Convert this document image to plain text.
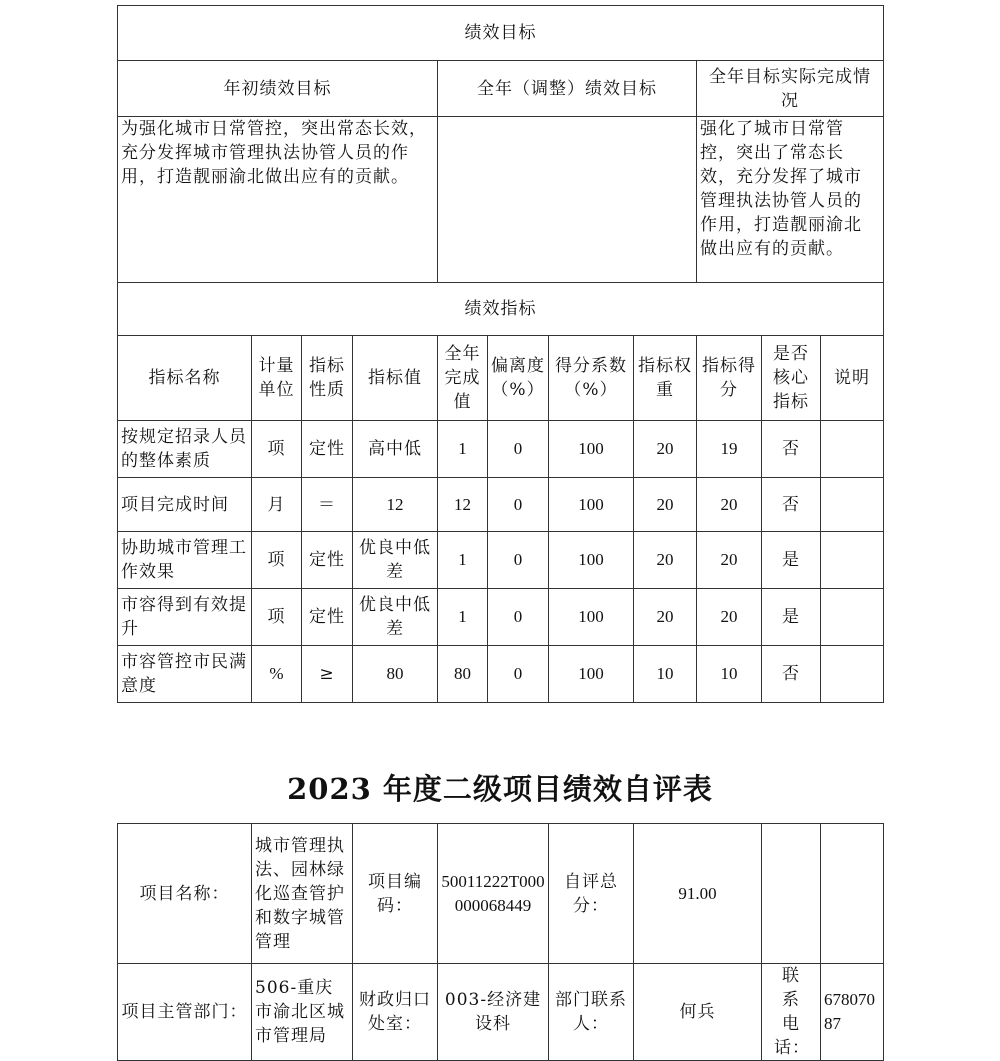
绩效目标										
年初绩效目标				全年（调整）绩效目标				全年目标实际完成情况		
为强化城市日常管控，突出常态长效，充分发挥城市管理执法协管人员的作用，打造靓丽渝北做出应有的贡献。								强化了城市日常管控，突出了常态长效，充分发挥了城市管理执法协管人员的作用，打造靓丽渝北做出应有的贡献。		
绩效指标										
指标名称	计量单位	指标性质	指标值	全年完成值	偏离度（%）	得分系数（%）	指标权重	指标得分	是否核心指标	说明
按规定招录人员的整体素质	项	定性	高中低	1	0	100	20	19	否	
项目完成时间	月	＝	12	12	0	100	20	20	否	
协助城市管理工作效果	项	定性	优良中低差	1	0	100	20	20	是	
市容得到有效提升	项	定性	优良中低差	1	0	100	20	20	是	
市容管控市民满意度	%	≥	80	80	0	100	10	10	否	
2023 年度二级项目绩效自评表
项目名称：	城市管理执法、园林绿化巡查管护和数字城管管理	项目编码：	50011222T000000068449	自评总分：	91.00		
项目主管部门：	506-重庆市渝北区城市管理局	财政归口处室：	003-经济建设科	部门联系人：	何兵	联系电话：	67807087
